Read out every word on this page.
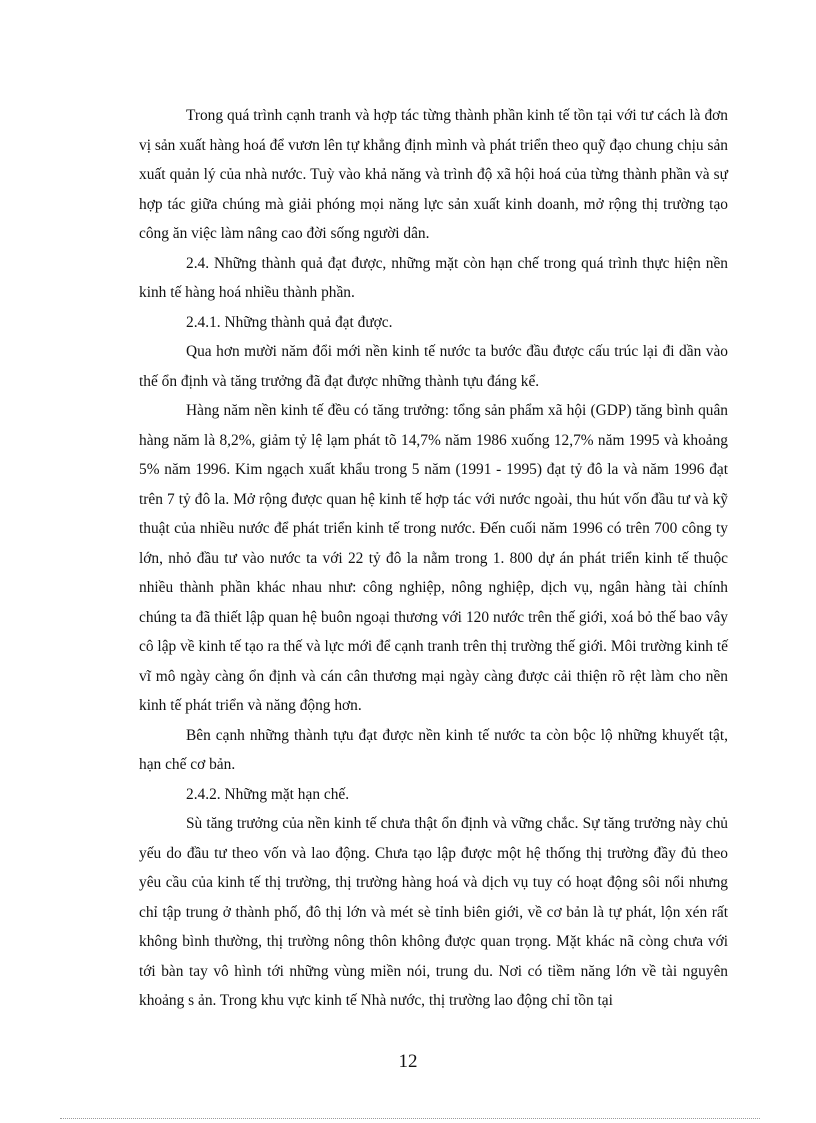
Trong quá trình cạnh tranh và hợp tác từng thành phần kinh tế tồn tại với tư cách là đơn vị sản xuất hàng hoá để vươn lên tự khẳng định mình và phát triển theo quỹ đạo chung chịu sản xuất quản lý của nhà nước. Tuỳ vào khả năng và trình độ xã hội hoá của từng thành phần và sự hợp tác giữa chúng mà giải phóng mọi năng lực sản xuất kinh doanh, mở rộng thị trường tạo công ăn việc làm nâng cao đời sống người dân.

2.4. Những thành quả đạt được, những mặt còn hạn chế trong quá trình thực hiện nền kinh tế hàng hoá nhiều thành phần.

2.4.1. Những thành quả đạt được.

Qua hơn mười năm đổi mới nền kinh tế nước ta bước đầu được cấu trúc lại đi dần vào thế ổn định và tăng trưởng đã đạt được những thành tựu đáng kể.

Hàng năm nền kinh tế đều có tăng trưởng: tổng sản phẩm xã hội (GDP) tăng bình quân hàng năm là 8,2%, giảm tỷ lệ lạm phát tõ 14,7% năm 1986 xuống 12,7% năm 1995 và khoảng 5% năm 1996. Kim ngạch xuất khẩu trong 5 năm (1991 - 1995) đạt tỷ đô la và năm 1996 đạt trên 7 tỷ đô la. Mở rộng được quan hệ kinh tế hợp tác với nước ngoài, thu hút vốn đầu tư và kỹ thuật của nhiều nước để phát triển kinh tế trong nước. Đến cuối năm 1996 có trên 700 công ty lớn, nhỏ đầu tư vào nước ta với 22 tỷ đô la nằm trong 1. 800 dự án phát triển kinh tế thuộc nhiều thành phần khác nhau như: công nghiệp, nông nghiệp, dịch vụ, ngân hàng tài chính chúng ta đã thiết lập quan hệ buôn ngoại thương với 120 nước trên thế giới, xoá bỏ thế bao vây cô lập về kinh tế tạo ra thế và lực mới để cạnh tranh trên thị trường thế giới. Môi trường kinh tế vĩ mô ngày càng ổn định và cán cân thương mại ngày càng được cải thiện rõ rệt làm cho nền kinh tế phát triển và năng động hơn.

Bên cạnh những thành tựu đạt được nền kinh tế nước ta còn bộc lộ những khuyết tật, hạn chế cơ bản.

2.4.2. Những mặt hạn chế.

Sù tăng trưởng của nền kinh tế chưa thật ổn định và vững chắc. Sự tăng trưởng này chủ yếu do đầu tư theo vốn và lao động. Chưa tạo lập được một hệ thống thị trường đầy đủ theo yêu cầu của kinh tế thị trường, thị trường hàng hoá và dịch vụ tuy có hoạt động sôi nổi nhưng chỉ tập trung ở thành phố, đô thị lớn và mét sè tỉnh biên giới, về cơ bản là tự phát, lộn xén rất không bình thường, thị trường nông thôn không được quan trọng. Mặt khác nã còng chưa với tới bàn tay vô hình tới những vùng miền nói, trung du. Nơi có tiềm năng lớn về tài nguyên khoảng s ản. Trong khu vực kinh tế Nhà nước, thị trường lao động chỉ tồn tại

12
